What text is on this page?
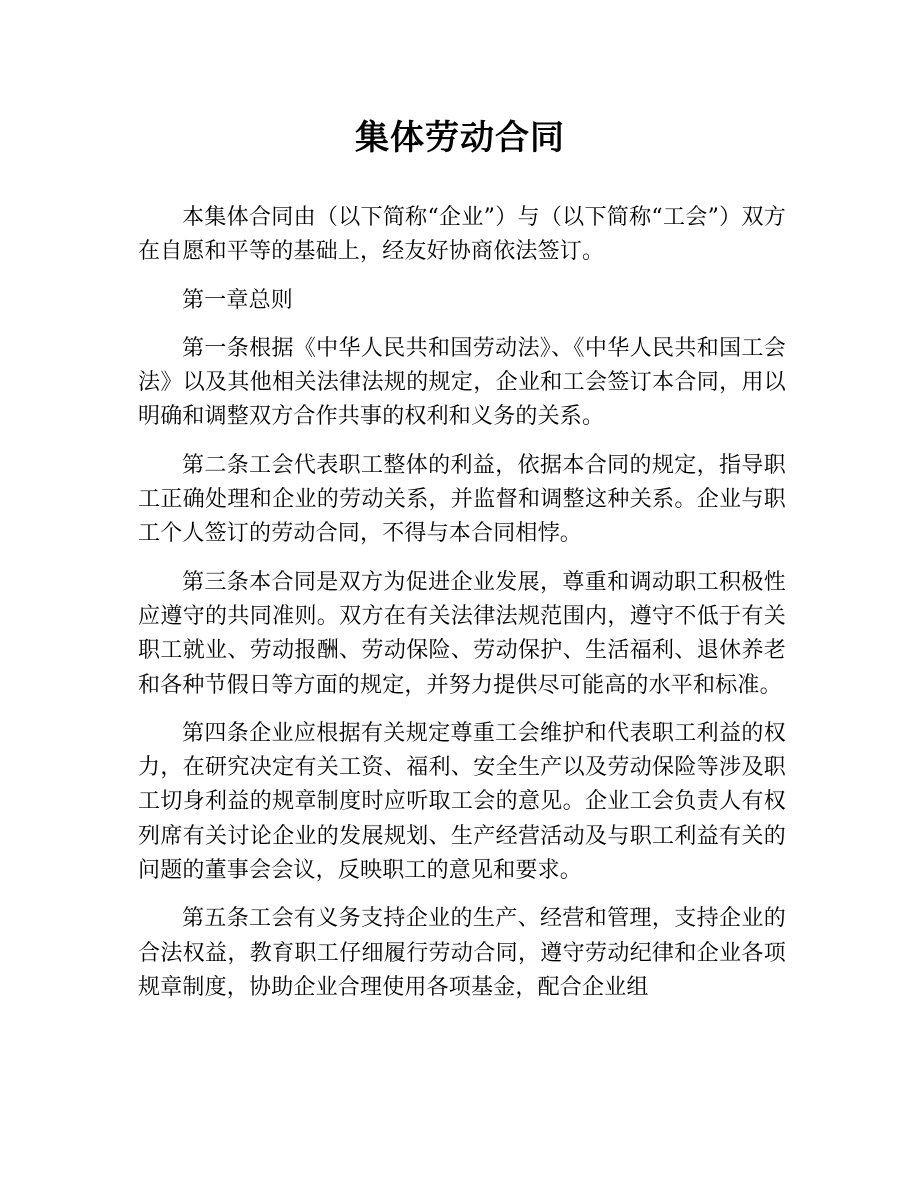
集体劳动合同

本集体合同由（以下简称“企业”）与（以下简称“工会”）双方在自愿和平等的基础上，经友好协商依法签订。

第一章总则

第一条根据《中华人民共和国劳动法》、《中华人民共和国工会法》以及其他相关法律法规的规定，企业和工会签订本合同，用以明确和调整双方合作共事的权利和义务的关系。

第二条工会代表职工整体的利益，依据本合同的规定，指导职工正确处理和企业的劳动关系，并监督和调整这种关系。企业与职工个人签订的劳动合同，不得与本合同相悖。

第三条本合同是双方为促进企业发展，尊重和调动职工积极性应遵守的共同准则。双方在有关法律法规范围内，遵守不低于有关职工就业、劳动报酬、劳动保险、劳动保护、生活福利、退休养老和各种节假日等方面的规定，并努力提供尽可能高的水平和标准。

第四条企业应根据有关规定尊重工会维护和代表职工利益的权力，在研究决定有关工资、福利、安全生产以及劳动保险等涉及职工切身利益的规章制度时应听取工会的意见。企业工会负责人有权列席有关讨论企业的发展规划、生产经营活动及与职工利益有关的问题的董事会会议，反映职工的意见和要求。

第五条工会有义务支持企业的生产、经营和管理，支持企业的合法权益，教育职工仔细履行劳动合同，遵守劳动纪律和企业各项规章制度，协助企业合理使用各项基金，配合企业组
